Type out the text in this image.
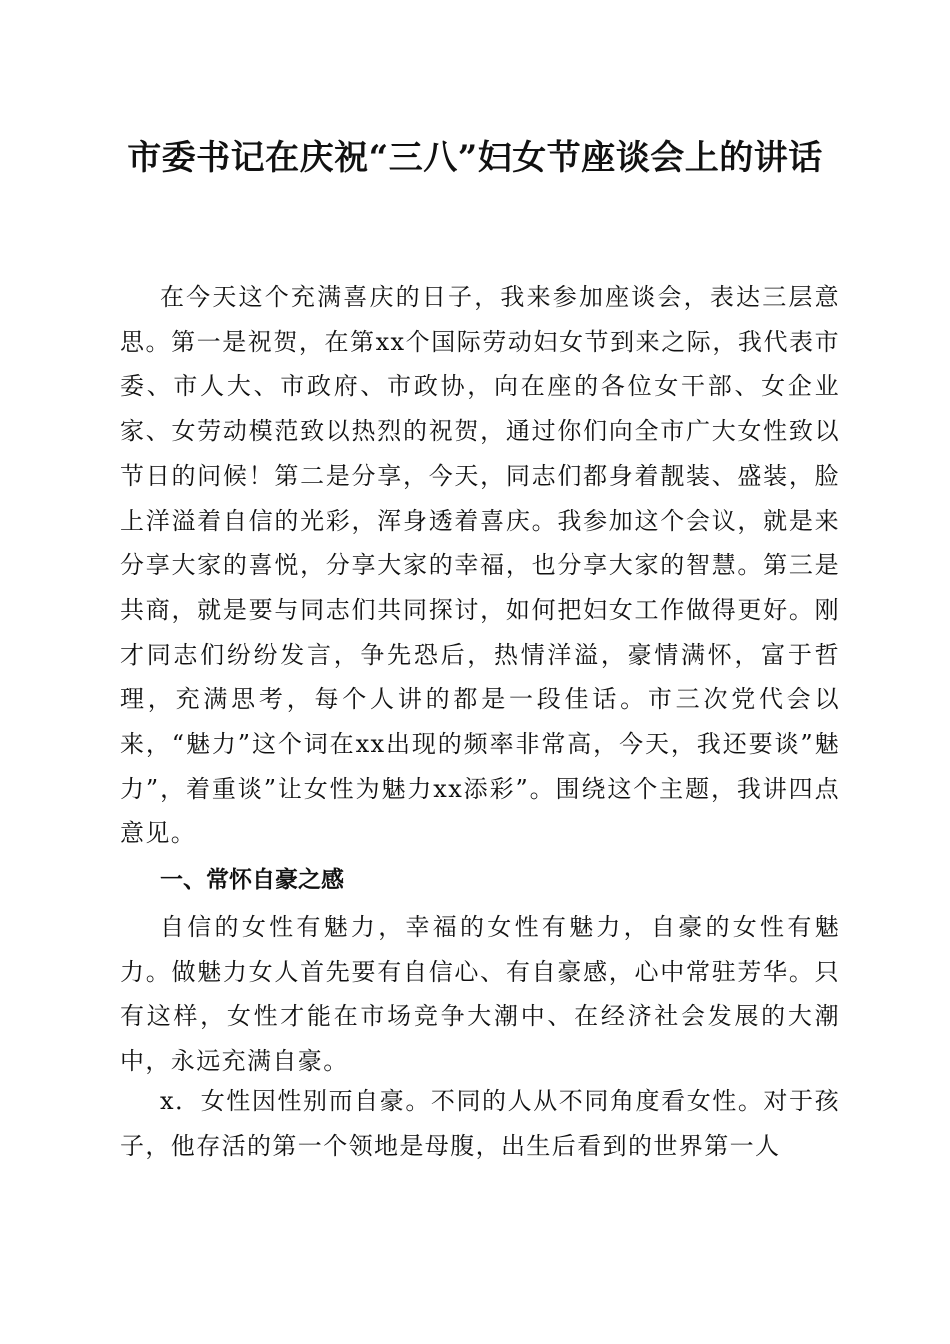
市委书记在庆祝“三八”妇女节座谈会上的讲话

在今天这个充满喜庆的日子，我来参加座谈会，表达三层意思。第一是祝贺，在第xx个国际劳动妇女节到来之际，我代表市委、市人大、市政府、市政协，向在座的各位女干部、女企业家、女劳动模范致以热烈的祝贺，通过你们向全市广大女性致以节日的问候！第二是分享，今天，同志们都身着靓装、盛装，脸上洋溢着自信的光彩，浑身透着喜庆。我参加这个会议，就是来分享大家的喜悦，分享大家的幸福，也分享大家的智慧。第三是共商，就是要与同志们共同探讨，如何把妇女工作做得更好。刚才同志们纷纷发言，争先恐后，热情洋溢，豪情满怀，富于哲理，充满思考，每个人讲的都是一段佳话。市三次党代会以来，“魅力”这个词在xx出现的频率非常高，今天，我还要谈”魅力”，着重谈”让女性为魅力xx添彩”。围绕这个主题，我讲四点意见。

一、常怀自豪之感

自信的女性有魅力，幸福的女性有魅力，自豪的女性有魅力。做魅力女人首先要有自信心、有自豪感，心中常驻芳华。只有这样，女性才能在市场竞争大潮中、在经济社会发展的大潮中，永远充满自豪。

x．女性因性别而自豪。不同的人从不同角度看女性。对于孩子，他存活的第一个领地是母腹，出生后看到的世界第一人
